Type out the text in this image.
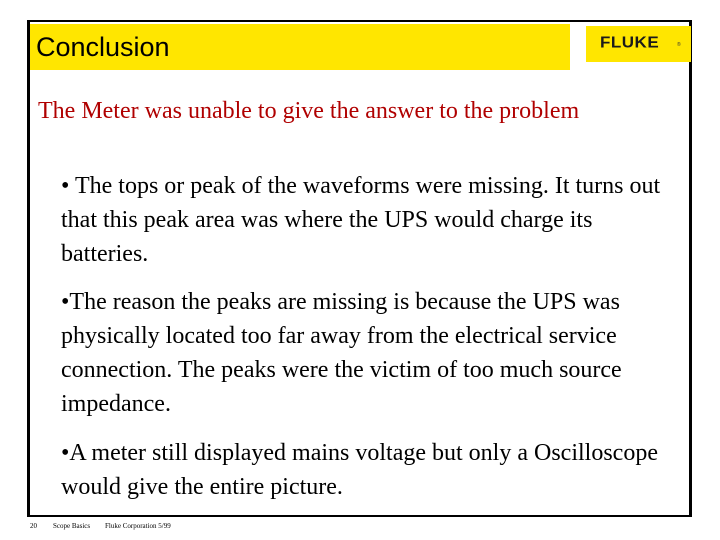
Conclusion	FLUKE	®
The Meter was unable to give the answer to the problem
• The tops or peak of the waveforms were missing. It turns out that this peak area was where the UPS would charge its batteries.
•The reason the peaks are missing is because the UPS was physically located too far away from the electrical service connection. The peaks were the victim of too much source impedance.
•A meter still displayed mains voltage but only a Oscilloscope would give the entire picture.
20 Scope Basics Fluke Corporation 5/99
